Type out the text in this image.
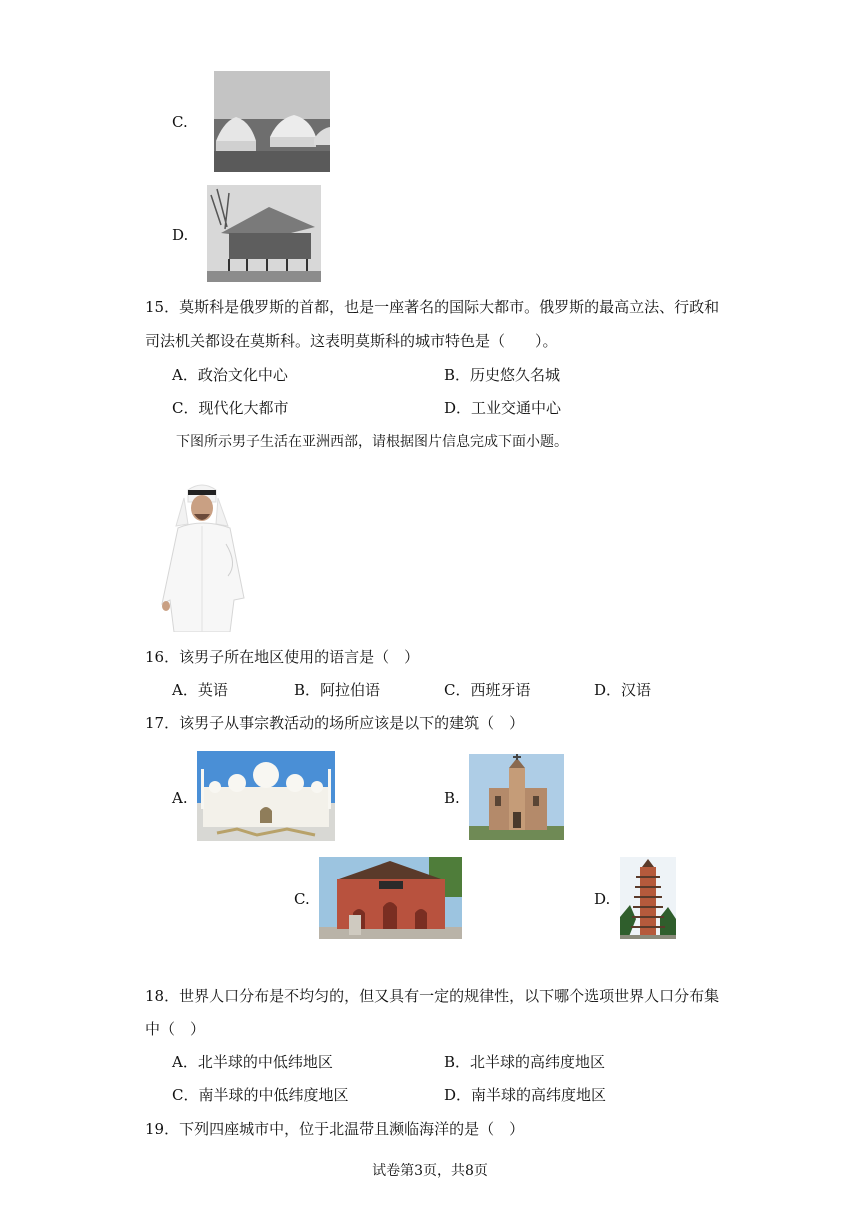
C.
D.
15．莫斯科是俄罗斯的首都，也是一座著名的国际大都市。俄罗斯的最高立法、行政和
司法机关都设在莫斯科。这表明莫斯科的城市特色是（　　）。
A．政治文化中心	B．历史悠久名城
C．现代化大都市	D．工业交通中心
下图所示男子生活在亚洲西部，请根据图片信息完成下面小题。
16．该男子所在地区使用的语言是（　）
A．英语	B．阿拉伯语	C．西班牙语	D．汉语
17．该男子从事宗教活动的场所应该是以下的建筑（　）
A.	B.
C.	D.
18．世界人口分布是不均匀的，但又具有一定的规律性，以下哪个选项世界人口分布集
中（　）
A．北半球的中低纬地区	B．北半球的高纬度地区
C．南半球的中低纬度地区	D．南半球的高纬度地区
19．下列四座城市中，位于北温带且濒临海洋的是（　）
试卷第3页，共8页
